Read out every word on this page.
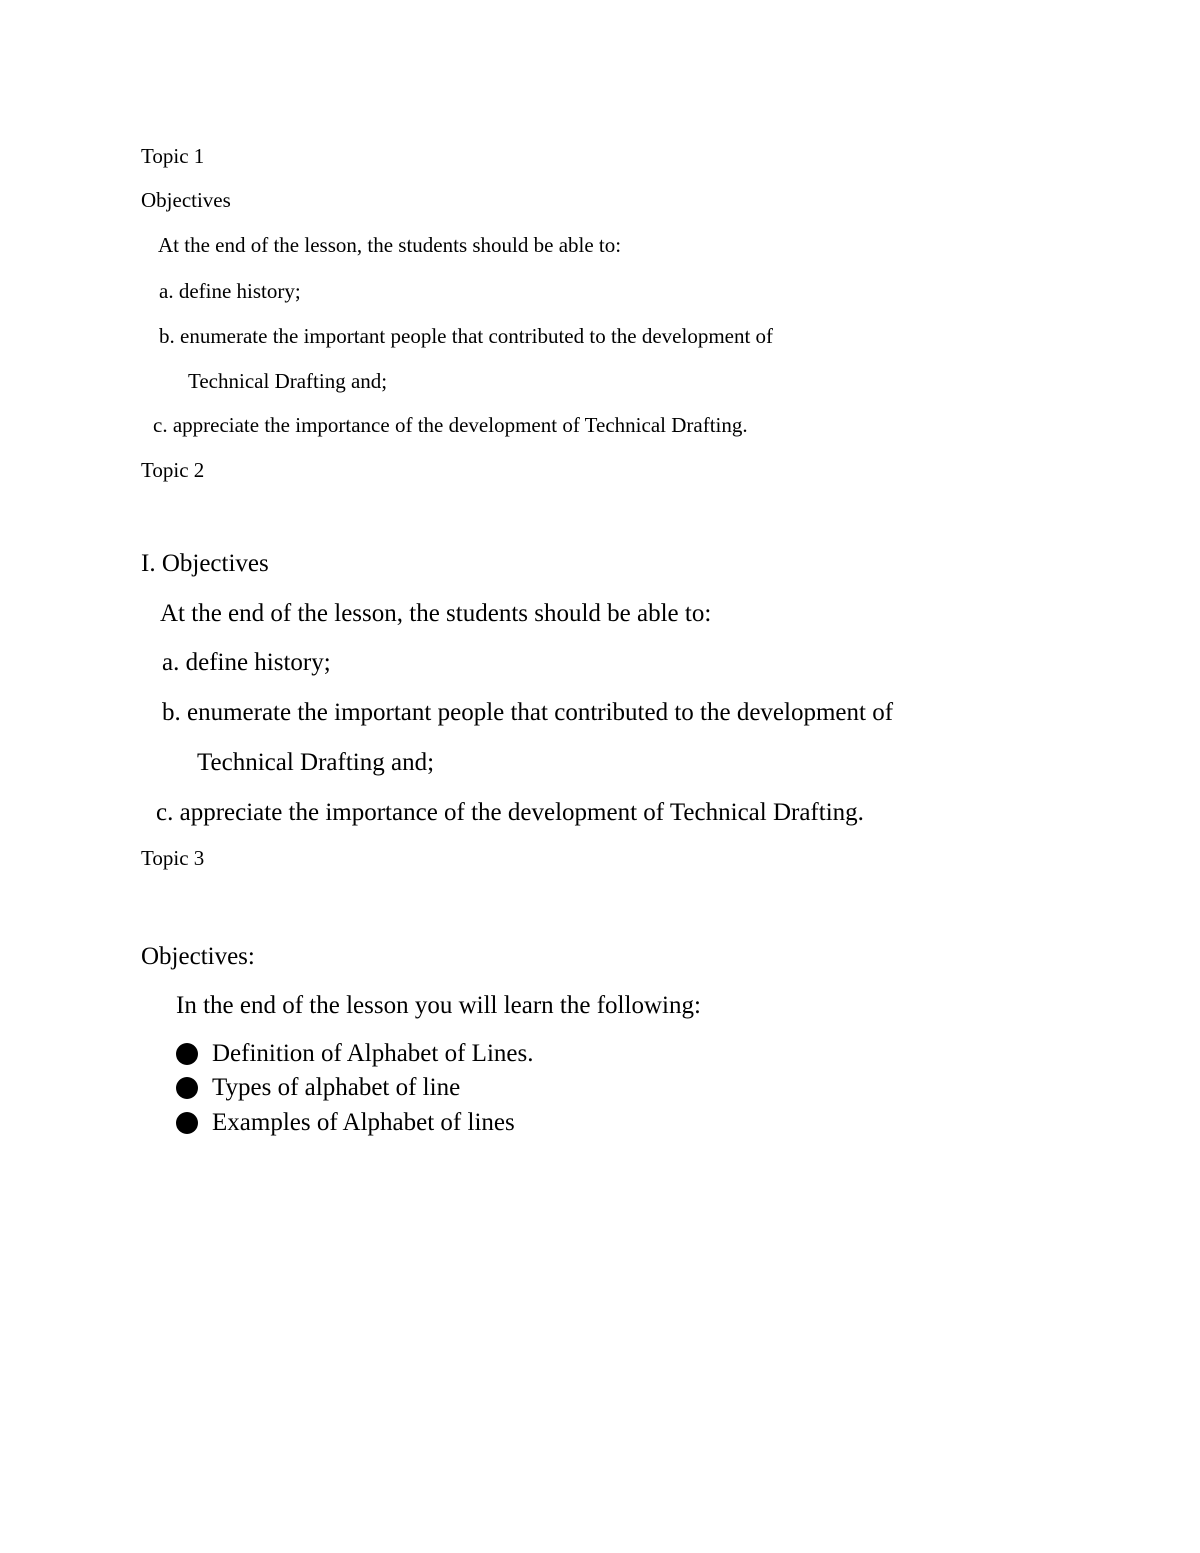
Topic 1
Objectives
At the end of the lesson, the students should be able to:
a. define history;
b. enumerate the important people that contributed to the development of
Technical Drafting and;
c. appreciate the importance of the development of Technical Drafting.
Topic 2
I. Objectives
At the end of the lesson, the students should be able to:
a. define history;
b. enumerate the important people that contributed to the development of
Technical Drafting and;
c. appreciate the importance of the development of Technical Drafting.
Topic 3
Objectives:
In the end of the lesson you will learn the following:
Definition of Alphabet of Lines.
Types of alphabet of line
Examples of Alphabet of lines
